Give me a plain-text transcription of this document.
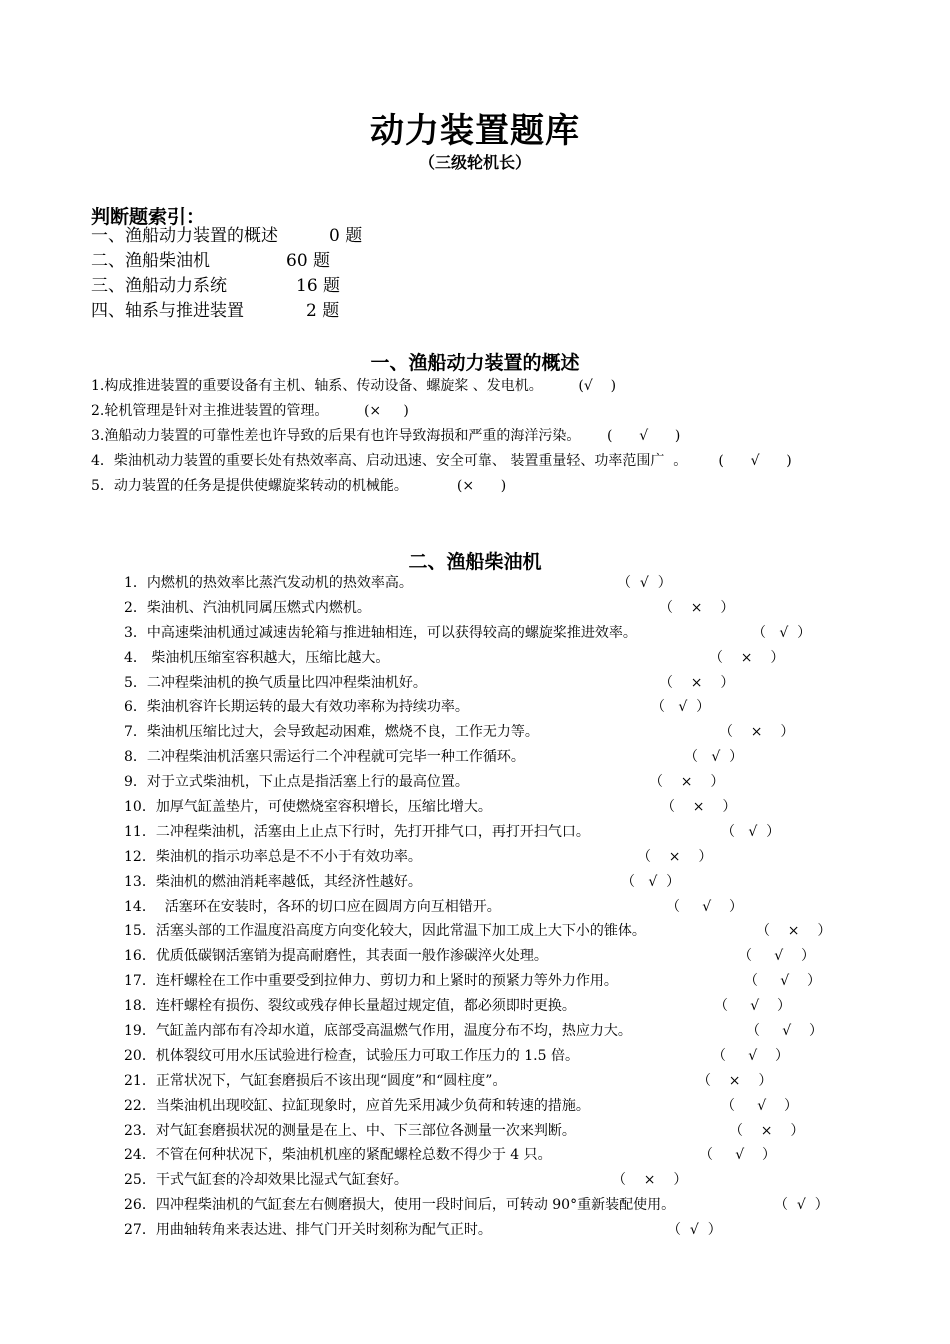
动力装置题库
（三级轮机长）
判断题索引：
一、渔船动力装置的概述	0 题
二、渔船柴油机	60 题
三、渔船动力系统	16 题
四、轴系与推进装置	2 题
一、渔船动力装置的概述
1.构成推进装置的重要设备有主机、轴系、传动设备、螺旋桨 、发电机。        (√    )
2.轮机管理是针对主推进装置的管理。        (×     )
3.渔船动力装置的可靠性差也许导致的后果有也许导致海损和严重的海洋污染。      (      √      )
4．柴油机动力装置的重要长处有热效率高、启动迅速、安全可靠、 装置重量轻、功率范围广  。       (      √      )
5．动力装置的任务是提供使螺旋桨转动的机械能。           (×      )
二、渔船柴油机
1．内燃机的热效率比蒸汽发动机的热效率高。	（  √  ）
2．柴油机、汽油机同属压燃式内燃机。	（    ×    ）
3．中高速柴油机通过减速齿轮箱与推进轴相连，可以获得较高的螺旋桨推进效率。	（   √  ）
4． 柴油机压缩室容积越大，压缩比越大。	（    ×    ）
5．二冲程柴油机的换气质量比四冲程柴油机好。	（    ×    ）
6．柴油机容许长期运转的最大有效功率称为持续功率。	（   √  ）
7．柴油机压缩比过大，会导致起动困难，燃烧不良，工作无力等。	（    ×    ）
8．二冲程柴油机活塞只需运行二个冲程就可完毕一种工作循环。	（   √  ）
9．对于立式柴油机，下止点是指活塞上行的最高位置。	（    ×    ）
10．加厚气缸盖垫片，可使燃烧室容积增长，压缩比增大。	（    ×    ）
11．二冲程柴油机，活塞由上止点下行时，先打开排气口，再打开扫气口。	（   √  ）
12．柴油机的指示功率总是不不小于有效功率。	（    ×    ）
13．柴油机的燃油消耗率越低，其经济性越好。	（   √  ）
14．  活塞环在安装时，各环的切口应在圆周方向互相错开。	（     √    ）
15．活塞头部的工作温度沿高度方向变化较大，因此常温下加工成上大下小的锥体。	（    ×    ）
16．优质低碳钢活塞销为提高耐磨性，其表面一般作渗碳淬火处理。	（     √    ）
17．连杆螺栓在工作中重要受到拉伸力、剪切力和上紧时的预紧力等外力作用。	（     √    ）
18．连杆螺栓有损伤、裂纹或残存伸长量超过规定值，都必须即时更换。	（     √    ）
19．气缸盖内部布有冷却水道，底部受高温燃气作用，温度分布不均，热应力大。	（     √    ）
20．机体裂纹可用水压试验进行检查，试验压力可取工作压力的 1.5 倍。	（     √    ）
21．正常状况下，气缸套磨损后不该出现“圆度”和“圆柱度”。	（    ×    ）
22．当柴油机出现咬缸、拉缸现象时，应首先采用减少负荷和转速的措施。	（     √    ）
23．对气缸套磨损状况的测量是在上、中、下三部位各测量一次来判断。	（    ×    ）
24．不管在何种状况下，柴油机机座的紧配螺栓总数不得少于 4 只。	（     √    ）
25．干式气缸套的冷却效果比湿式气缸套好。	（    ×    ）
26．四冲程柴油机的气缸套左右侧磨损大，使用一段时间后，可转动 90°重新装配使用。	（  √  ）
27．用曲轴转角来表达进、排气门开关时刻称为配气正时。	（  √  ）
